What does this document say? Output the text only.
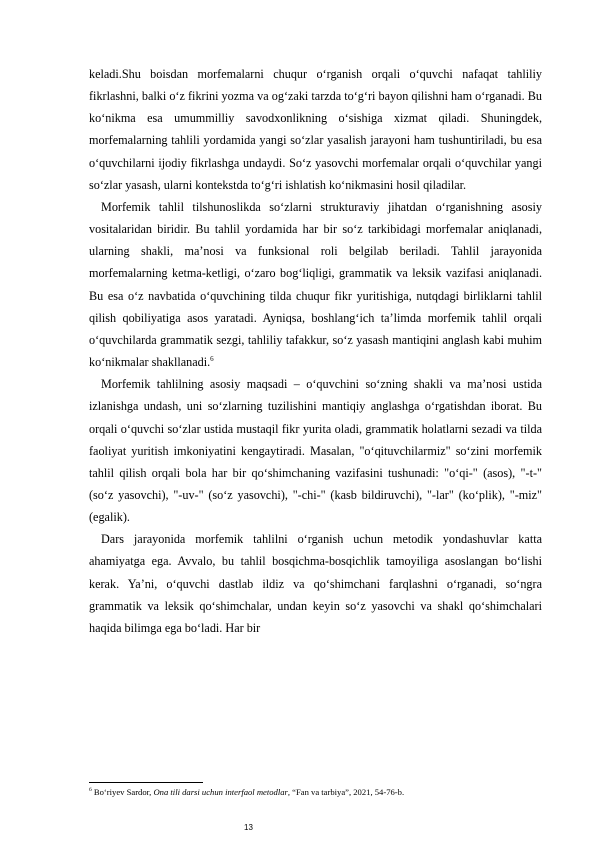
keladi.Shu boisdan morfemalarni chuqur o‘rganish orqali o‘quvchi nafaqat tahliliy fikrlashni, balki o‘z fikrini yozma va og‘zaki tarzda to‘g‘ri bayon qilishni ham o‘rganadi. Bu ko‘nikma esa umummilliy savodxonlikning o‘sishiga xizmat qiladi. Shuningdek, morfemalarning tahlili yordamida yangi so‘zlar yasalish jarayoni ham tushuntiriladi, bu esa o‘quvchilarni ijodiy fikrlashga undaydi. So‘z yasovchi morfemalar orqali o‘quvchilar yangi so‘zlar yasash, ularni kontekstda to‘g‘ri ishlatish ko‘nikmasini hosil qiladilar.

Morfemik tahlil tilshunoslikda so‘zlarni strukturaviy jihatdan o‘rganishning asosiy vositalaridan biridir. Bu tahlil yordamida har bir so‘z tarkibidagi morfemalar aniqlanadi, ularning shakli, ma’nosi va funksional roli belgilab beriladi. Tahlil jarayonida morfemalarning ketma-ketligi, o‘zaro bog‘liqligi, grammatik va leksik vazifasi aniqlanadi. Bu esa o‘z navbatida o‘quvchining tilda chuqur fikr yuritishiga, nutqdagi birliklarni tahlil qilish qobiliyatiga asos yaratadi. Ayniqsa, boshlang‘ich ta’limda morfemik tahlil orqali o‘quvchilarda grammatik sezgi, tahliliy tafakkur, so‘z yasash mantiqini anglash kabi muhim ko‘nikmalar shakllanadi.$^6$

Morfemik tahlilning asosiy maqsadi – o‘quvchini so‘zning shakli va ma’nosi ustida izlanishga undash, uni so‘zlarning tuzilishini mantiqiy anglashga o‘rgatishdan iborat. Bu orqali o‘quvchi so‘zlar ustida mustaqil fikr yurita oladi, grammatik holatlarni sezadi va tilda faoliyat yuritish imkoniyatini kengaytiradi. Masalan, "o‘qituvchilarmiz" so‘zini morfemik tahlil qilish orqali bola har bir qo‘shimchaning vazifasini tushunadi: "o‘qi-" (asos), "-t-" (so‘z yasovchi), "-uv-" (so‘z yasovchi), "-chi-" (kasb bildiruvchi), "-lar" (ko‘plik), "-miz" (egalik).

Dars jarayonida morfemik tahlilni o‘rganish uchun metodik yondashuvlar katta ahamiyatga ega. Avvalo, bu tahlil bosqichma-bosqichlik tamoyiliga asoslangan bo‘lishi kerak. Ya’ni, o‘quvchi dastlab ildiz va qo‘shimchani farqlashni o‘rganadi, so‘ngra grammatik va leksik qo‘shimchalar, undan keyin so‘z yasovchi va shakl qo‘shimchalari haqida bilimga ega bo‘ladi. Har bir

$^6$ Bo‘riyev Sardor, Ona tili darsi uchun interfaol metodlar, “Fan va tarbiya”, 2021, 54-76-b.
13
